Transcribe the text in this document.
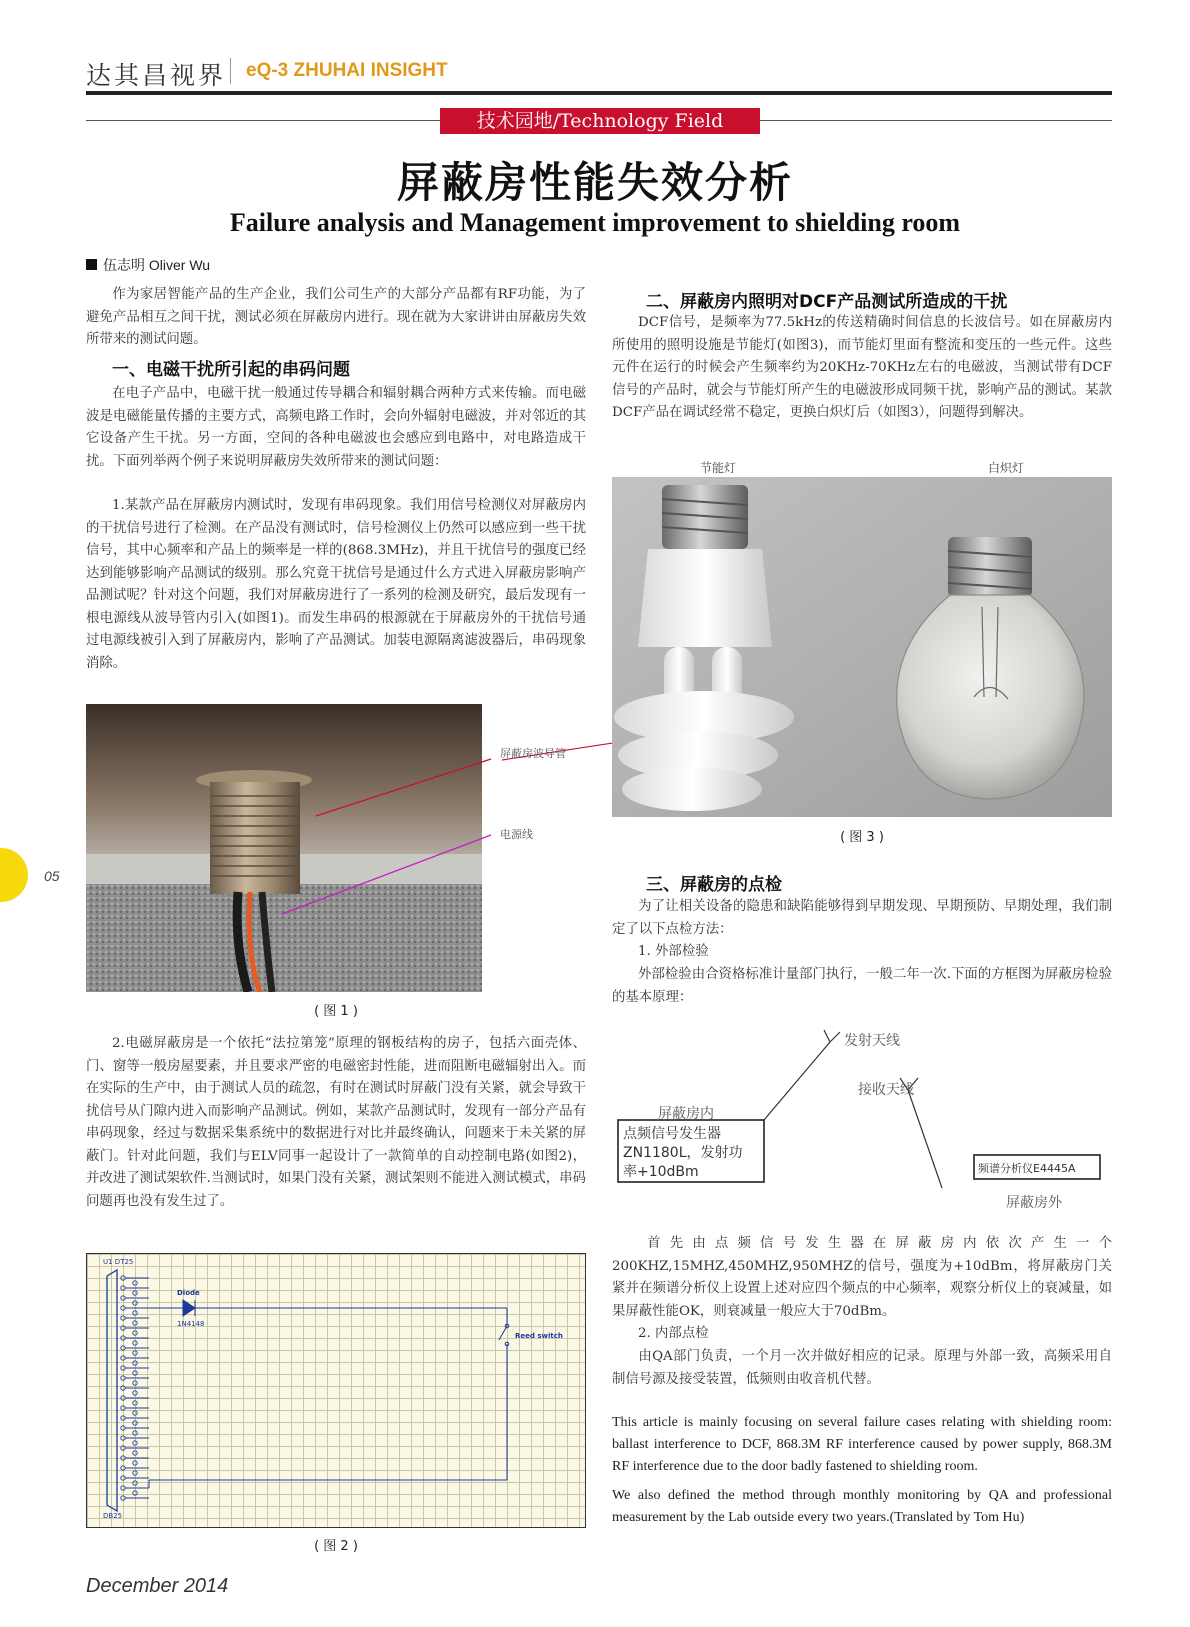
达其昌视界 eQ-3 ZHUHAI INSIGHT
技术园地/Technology Field
屏蔽房性能失效分析
Failure analysis and Management improvement to shielding room
伍志明 Oliver Wu
作为家居智能产品的生产企业，我们公司生产的大部分产品都有RF功能，为了避免产品相互之间干扰，测试必须在屏蔽房内进行。现在就为大家讲讲由屏蔽房失效所带来的测试问题。
一、电磁干扰所引起的串码问题
在电子产品中，电磁干扰一般通过传导耦合和辐射耦合两种方式来传输。而电磁波是电磁能量传播的主要方式，高频电路工作时，会向外辐射电磁波，并对邻近的其它设备产生干扰。另一方面，空间的各种电磁波也会感应到电路中，对电路造成干扰。下面列举两个例子来说明屏蔽房失效所带来的测试问题：
1.某款产品在屏蔽房内测试时，发现有串码现象。我们用信号检测仪对屏蔽房内的干扰信号进行了检测。在产品没有测试时，信号检测仪上仍然可以感应到一些干扰信号，其中心频率和产品上的频率是一样的(868.3MHz)，并且干扰信号的强度已经达到能够影响产品测试的级别。那么究竟干扰信号是通过什么方式进入屏蔽房影响产品测试呢？针对这个问题，我们对屏蔽房进行了一系列的检测及研究，最后发现有一根电源线从波导管内引入(如图1)。而发生串码的根源就在于屏蔽房外的干扰信号通过电源线被引入到了屏蔽房内，影响了产品测试。加装电源隔离滤波器后，串码现象消除。
屏蔽房波导管
电源线
( 图 1 )
2.电磁屏蔽房是一个依托“法拉第笼”原理的钢板结构的房子，包括六面壳体、门、窗等一般房屋要素，并且要求严密的电磁密封性能，进而阻断电磁辐射出入。而在实际的生产中，由于测试人员的疏忽，有时在测试时屏蔽门没有关紧，就会导致干扰信号从门隙内进入而影响产品测试。例如，某款产品测试时，发现有一部分产品有串码现象，经过与数据采集系统中的数据进行对比并最终确认，问题来于未关紧的屏蔽门。针对此问题，我们与ELV同事一起设计了一款简单的自动控制电路(如图2)，并改进了测试架软件.当测试时，如果门没有关紧，测试架则不能进入测试模式，串码问题再也没有发生过了。
U1 DT25
Diode
1N4148
Reed switch
DB25
( 图 2 )
二、屏蔽房内照明对DCF产品测试所造成的干扰
DCF信号，是频率为77.5kHz的传送精确时间信息的长波信号。如在屏蔽房内所使用的照明设施是节能灯(如图3)，而节能灯里面有整流和变压的一些元件。这些元件在运行的时候会产生频率约为20KHz-70KHz左右的电磁波，当测试带有DCF信号的产品时，就会与节能灯所产生的电磁波形成同频干扰，影响产品的测试。某款DCF产品在调试经常不稳定，更换白炽灯后（如图3），问题得到解决。
节能灯	白炽灯
( 图 3 )
三、屏蔽房的点检
为了让相关设备的隐患和缺陷能够得到早期发现、早期预防、早期处理，我们制定了以下点检方法：
1. 外部检验
外部检验由合资格标准计量部门执行，一般二年一次.下面的方框图为屏蔽房检验的基本原理：
发射天线
接收天线
屏蔽房内
点频信号发生器
ZN1180L，发射功
率+10dBm	频谱分析仪E4445A
屏蔽房外
首先由点频信号发生器在屏蔽房内依次产生一个200KHZ,15MHZ,450MHZ,950MHZ的信号，强度为+10dBm，将屏蔽房门关紧并在频谱分析仪上设置上述对应四个频点的中心频率，观察分析仪上的衰减量，如果屏蔽性能OK，则衰减量一般应大于70dBm。
2. 内部点检
由QA部门负责，一个月一次并做好相应的记录。原理与外部一致，高频采用自制信号源及接受装置，低频则由收音机代替。
This article is mainly focusing on several failure cases relating with shielding room: ballast interference to DCF, 868.3M RF interference caused by power supply, 868.3M RF interference due to the door badly fastened to shielding room.
We also defined the method through monthly monitoring by QA and professional measurement by the Lab outside every two years.(Translated by Tom Hu)
05
December 2014
